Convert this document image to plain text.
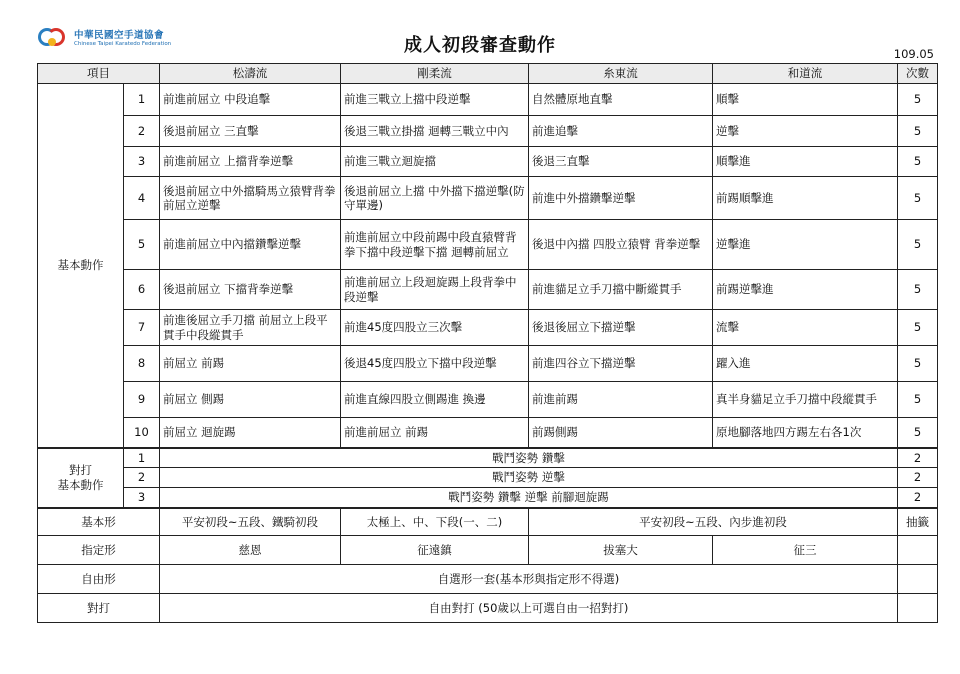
中華民國空手道協會
Chinese Taipei Karatedo Federation	成人初段審查動作	109.05
項目		松濤流	剛柔流	糸東流	和道流	次數
基本動作	1	前進前屈立 中段追擊	前進三戰立上擋中段逆擊	自然體原地直擊	順擊	5
	2	後退前屈立 三直擊	後退三戰立掛擋 迴轉三戰立中內	前進追擊	逆擊	5
	3	前進前屈立 上擋背拳逆擊	前進三戰立迴旋擋	後退三直擊	順擊進	5
	4	後退前屈立中外擋騎馬立猿臂背拳 前屈立逆擊	後退前屈立上擋 中外擋下擋逆擊(防守單邊)	前進中外擋鑽擊逆擊	前踢順擊進	5
	5	前進前屈立中內擋鑽擊逆擊	前進前屈立中段前踢中段直猿臂背拳下擋中段逆擊下擋 迴轉前屈立	後退中內擋 四股立猿臂 背拳逆擊	逆擊進	5
	6	後退前屈立 下擋背拳逆擊	前進前屈立上段迴旋踢上段背拳中段逆擊	前進貓足立手刀擋中斷縱貫手	前踢逆擊進	5
	7	前進後屈立手刀擋 前屈立上段平貫手中段縱貫手	前進45度四股立三次擊	後退後屈立下擋逆擊	流擊	5
	8	前屈立 前踢	後退45度四股立下擋中段逆擊	前進四谷立下擋逆擊	躍入進	5
	9	前屈立 側踢	前進直線四股立側踢進 換邊	前進前踢	真半身貓足立手刀擋中段縱貫手	5
	10	前屈立 迴旋踢	前進前屈立 前踢	前踢側踢	原地腳落地四方踢左右各1次	5
對打
基本動作	1	戰鬥姿勢 鑽擊				2
	2	戰鬥姿勢 逆擊				2
	3	戰鬥姿勢 鑽擊 逆擊 前腳迴旋踢				2
基本形		平安初段~五段、鐵騎初段	太極上、中、下段(一、二)	平安初段~五段、內步進初段		抽籤
指定形		慈恩	征遠鎮	拔塞大	征三	
自由形		自選形一套(基本形與指定形不得選)				
對打		自由對打 (50歲以上可選自由一招對打)				
